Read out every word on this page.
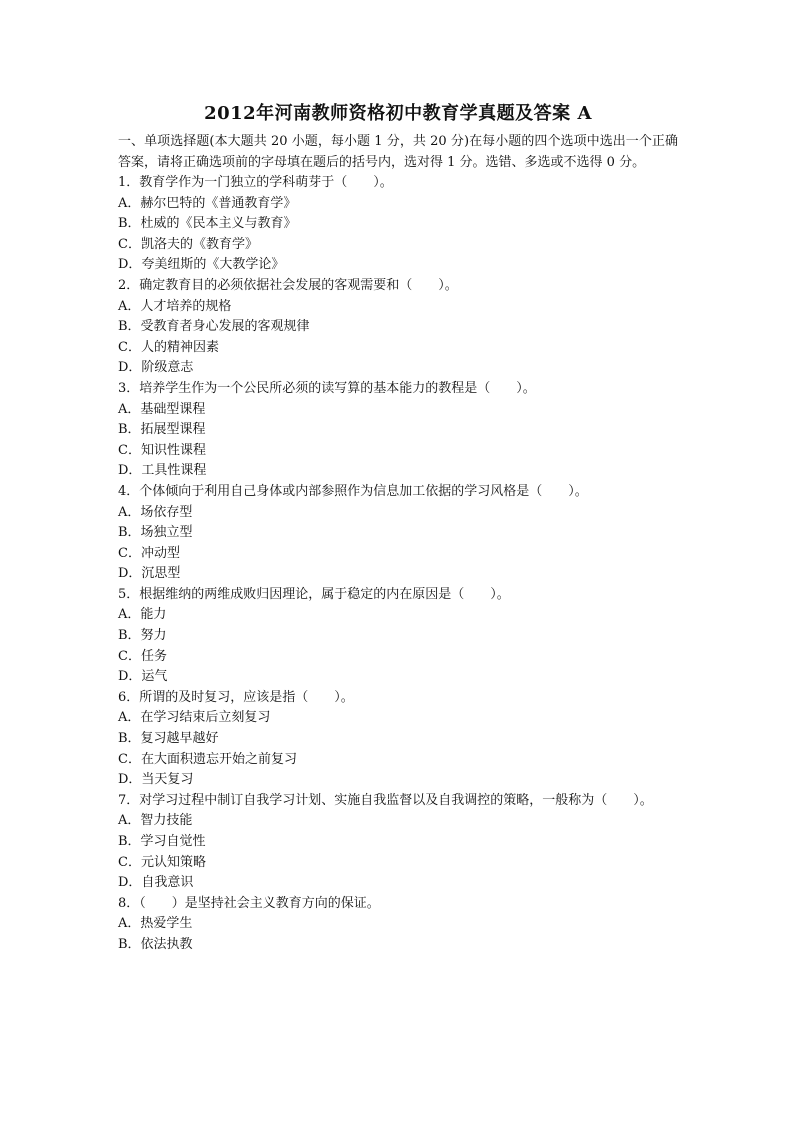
2012年河南教师资格初中教育学真题及答案 A

一、单项选择题(本大题共 20 小题，每小题 1 分，共 20 分)在每小题的四个选项中选出一个正确答案，请将正确选项前的字母填在题后的括号内，选对得 1 分。选错、多选或不选得 0 分。

1．教育学作为一门独立的学科萌芽于（　　）。

A．赫尔巴特的《普通教育学》

B．杜威的《民本主义与教育》

C．凯洛夫的《教育学》

D．夸美纽斯的《大教学论》

2．确定教育目的必须依据社会发展的客观需要和（　　）。

A．人才培养的规格

B．受教育者身心发展的客观规律

C．人的精神因素

D．阶级意志

3．培养学生作为一个公民所必须的读写算的基本能力的教程是（　　）。

A．基础型课程

B．拓展型课程

C．知识性课程

D．工具性课程

4．个体倾向于利用自己身体或内部参照作为信息加工依据的学习风格是（　　）。

A．场依存型

B．场独立型

C．冲动型

D．沉思型

5．根据维纳的两维成败归因理论，属于稳定的内在原因是（　　）。

A．能力

B．努力

C．任务

D．运气

6．所谓的及时复习，应该是指（　　）。

A．在学习结束后立刻复习

B．复习越早越好

C．在大面积遗忘开始之前复习

D．当天复习

7．对学习过程中制订自我学习计划、实施自我监督以及自我调控的策略，一般称为（　　）。

A．智力技能

B．学习自觉性

C．元认知策略

D．自我意识

8．（　　）是坚持社会主义教育方向的保证。

A．热爱学生

B．依法执教
